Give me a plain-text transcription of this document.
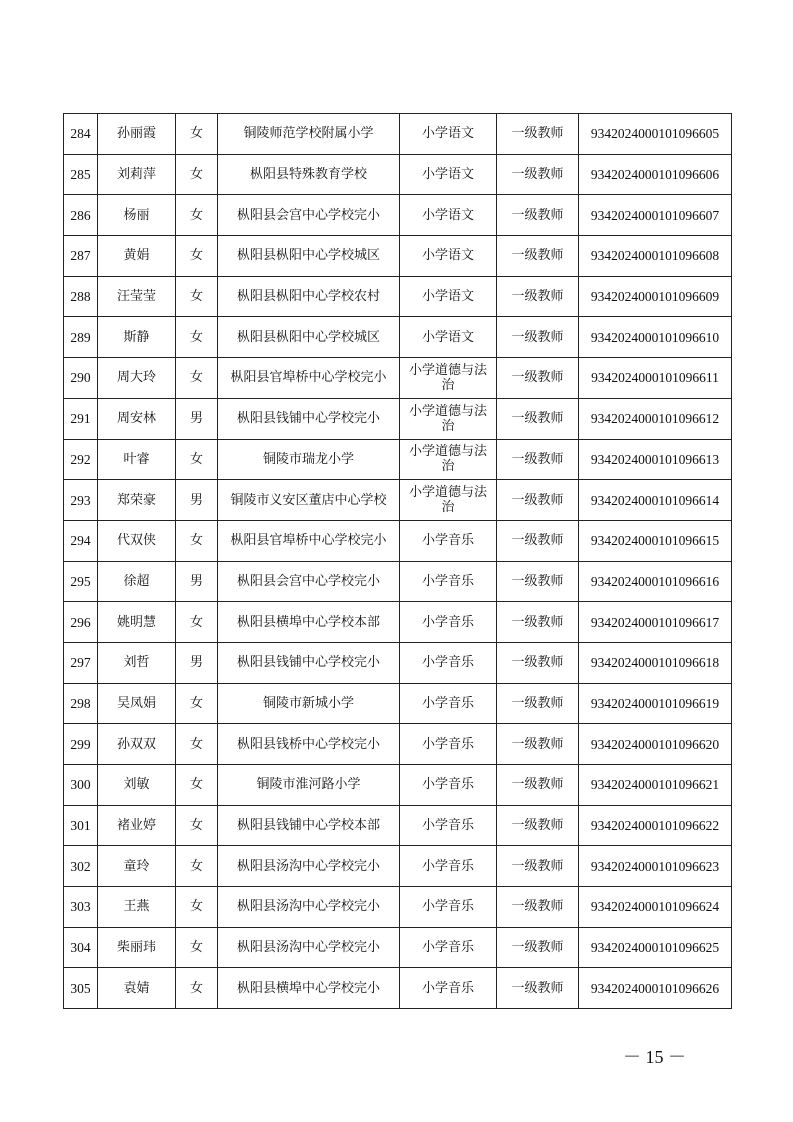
284	孙丽霞	女	铜陵师范学校附属小学	小学语文	一级教师	9342024000101096605
285	刘莉萍	女	枞阳县特殊教育学校	小学语文	一级教师	9342024000101096606
286	杨丽	女	枞阳县会宫中心学校完小	小学语文	一级教师	9342024000101096607
287	黄娟	女	枞阳县枞阳中心学校城区	小学语文	一级教师	9342024000101096608
288	汪莹莹	女	枞阳县枞阳中心学校农村	小学语文	一级教师	9342024000101096609
289	斯静	女	枞阳县枞阳中心学校城区	小学语文	一级教师	9342024000101096610
290	周大玲	女	枞阳县官埠桥中心学校完小	小学道德与法治	一级教师	9342024000101096611
291	周安林	男	枞阳县钱铺中心学校完小	小学道德与法治	一级教师	9342024000101096612
292	叶睿	女	铜陵市瑞龙小学	小学道德与法治	一级教师	9342024000101096613
293	郑荣豪	男	铜陵市义安区董店中心学校	小学道德与法治	一级教师	9342024000101096614
294	代双侠	女	枞阳县官埠桥中心学校完小	小学音乐	一级教师	9342024000101096615
295	徐超	男	枞阳县会宫中心学校完小	小学音乐	一级教师	9342024000101096616
296	姚明慧	女	枞阳县横埠中心学校本部	小学音乐	一级教师	9342024000101096617
297	刘哲	男	枞阳县钱铺中心学校完小	小学音乐	一级教师	9342024000101096618
298	吴凤娟	女	铜陵市新城小学	小学音乐	一级教师	9342024000101096619
299	孙双双	女	枞阳县钱桥中心学校完小	小学音乐	一级教师	9342024000101096620
300	刘敏	女	铜陵市淮河路小学	小学音乐	一级教师	9342024000101096621
301	褚业婷	女	枞阳县钱铺中心学校本部	小学音乐	一级教师	9342024000101096622
302	童玲	女	枞阳县汤沟中心学校完小	小学音乐	一级教师	9342024000101096623
303	王燕	女	枞阳县汤沟中心学校完小	小学音乐	一级教师	9342024000101096624
304	柴丽玮	女	枞阳县汤沟中心学校完小	小学音乐	一级教师	9342024000101096625
305	袁婧	女	枞阳县横埠中心学校完小	小学音乐	一级教师	9342024000101096626
－ 15 －
